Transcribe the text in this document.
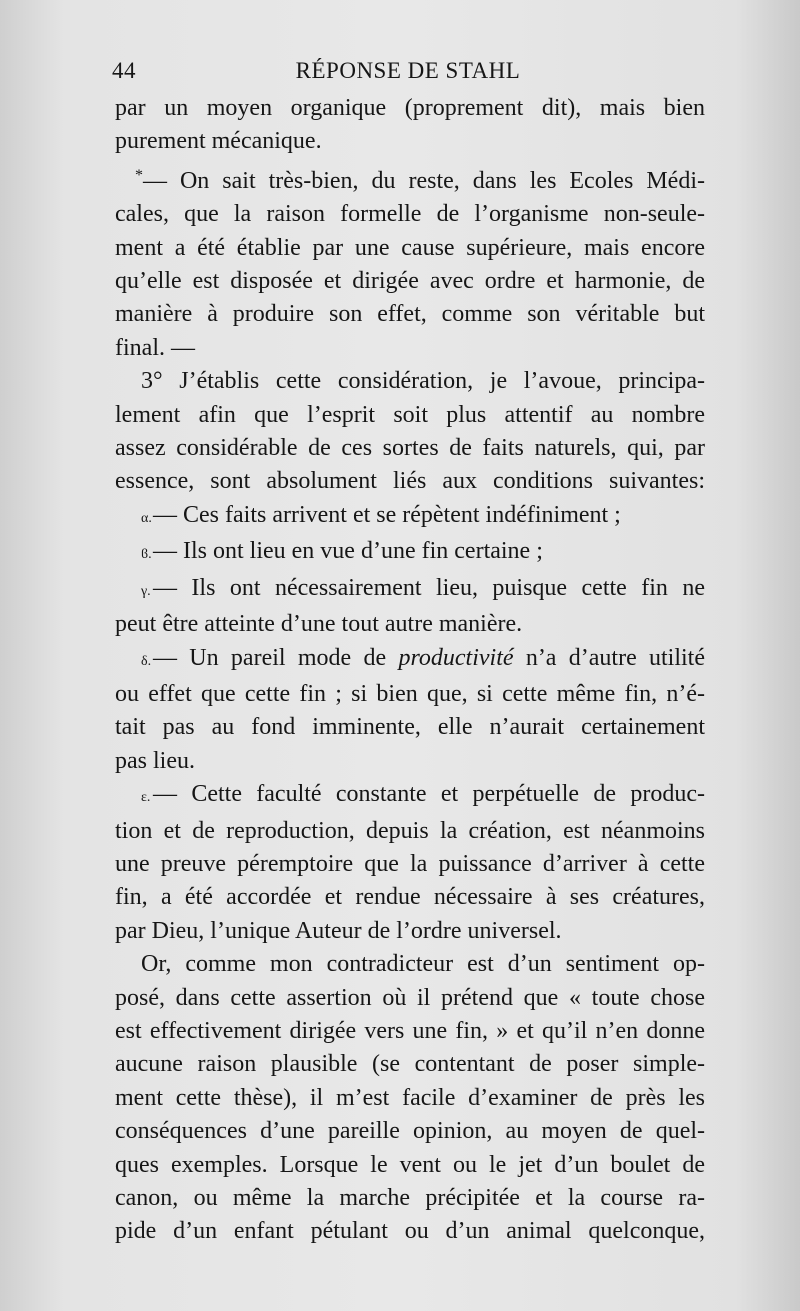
44	RÉPONSE DE STAHL
par un moyen organique (proprement dit), mais bien
purement mécanique.
*— On sait très-bien, du reste, dans les Ecoles Médi-
cales, que la raison formelle de l’organisme non-seule-
ment a été établie par une cause supérieure, mais encore
qu’elle est disposée et dirigée avec ordre et harmonie, de
manière à produire son effet, comme son véritable but
final. —
3° J’établis cette considération, je l’avoue, principa-
lement afin que l’esprit soit plus attentif au nombre
assez considérable de ces sortes de faits naturels, qui, par
essence, sont absolument liés aux conditions suivantes:
α.— Ces faits arrivent et se répètent indéfiniment ;
ϐ.— Ils ont lieu en vue d’une fin certaine ;
γ.— Ils ont nécessairement lieu, puisque cette fin ne
peut être atteinte d’une tout autre manière.
δ.— Un pareil mode de productivité n’a d’autre utilité
ou effet que cette fin ; si bien que, si cette même fin, n’é-
tait pas au fond imminente, elle n’aurait certainement
pas lieu.
ε. — Cette faculté constante et perpétuelle de produc-
tion et de reproduction, depuis la création, est néanmoins
une preuve péremptoire que la puissance d’arriver à cette
fin, a été accordée et rendue nécessaire à ses créatures,
par Dieu, l’unique Auteur de l’ordre universel.
Or, comme mon contradicteur est d’un sentiment op-
posé, dans cette assertion où il prétend que « toute chose
est effectivement dirigée vers une fin, » et qu’il n’en donne
aucune raison plausible (se contentant de poser simple-
ment cette thèse), il m’est facile d’examiner de près les
conséquences d’une pareille opinion, au moyen de quel-
ques exemples. Lorsque le vent ou le jet d’un boulet de
canon, ou même la marche précipitée et la course ra-
pide d’un enfant pétulant ou d’un animal quelconque,
